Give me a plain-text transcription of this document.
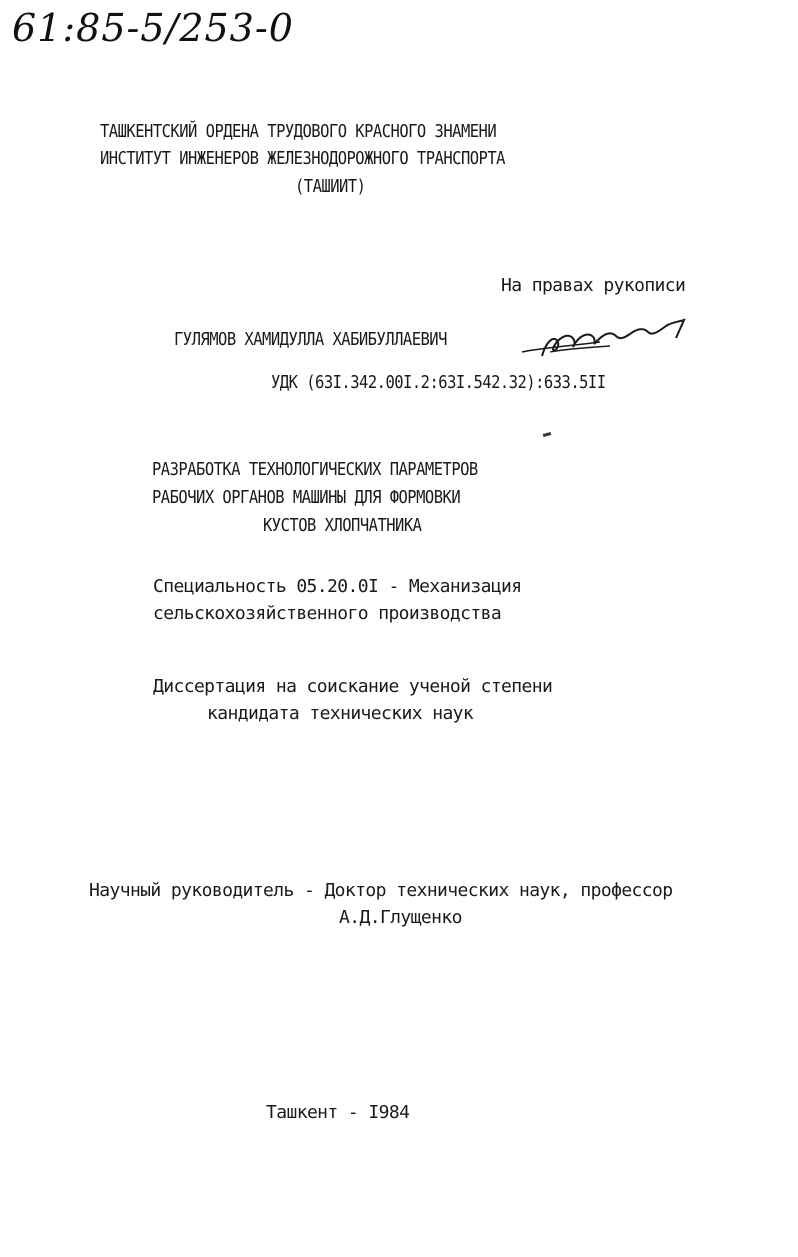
61:85-5/253-0
ТАШКЕНТСКИЙ ОРДЕНА ТРУДОВОГО КРАСНОГО ЗНАМЕНИ
ИНСТИТУТ ИНЖЕНЕРОВ ЖЕЛЕЗНОДОРОЖНОГО ТРАНСПОРТА
(ТАШИИТ)
На правах рукописи
ГУЛЯМОВ ХАМИДУЛЛА ХАБИБУЛЛАЕВИЧ
УДК (63I.342.00I.2:63I.542.32):633.5II
РАЗРАБОТКА ТЕХНОЛОГИЧЕСКИХ ПАРАМЕТРОВ
РАБОЧИХ ОРГАНОВ МАШИНЫ ДЛЯ ФОРМОВКИ
КУСТОВ ХЛОПЧАТНИКА
Специальность 05.20.0I - Механизация
сельскохозяйственного производства
Диссертация на соискание ученой степени
кандидата технических наук
Научный руководитель - Доктор технических наук, профессор
А.Д.Глущенко
Ташкент - I984
